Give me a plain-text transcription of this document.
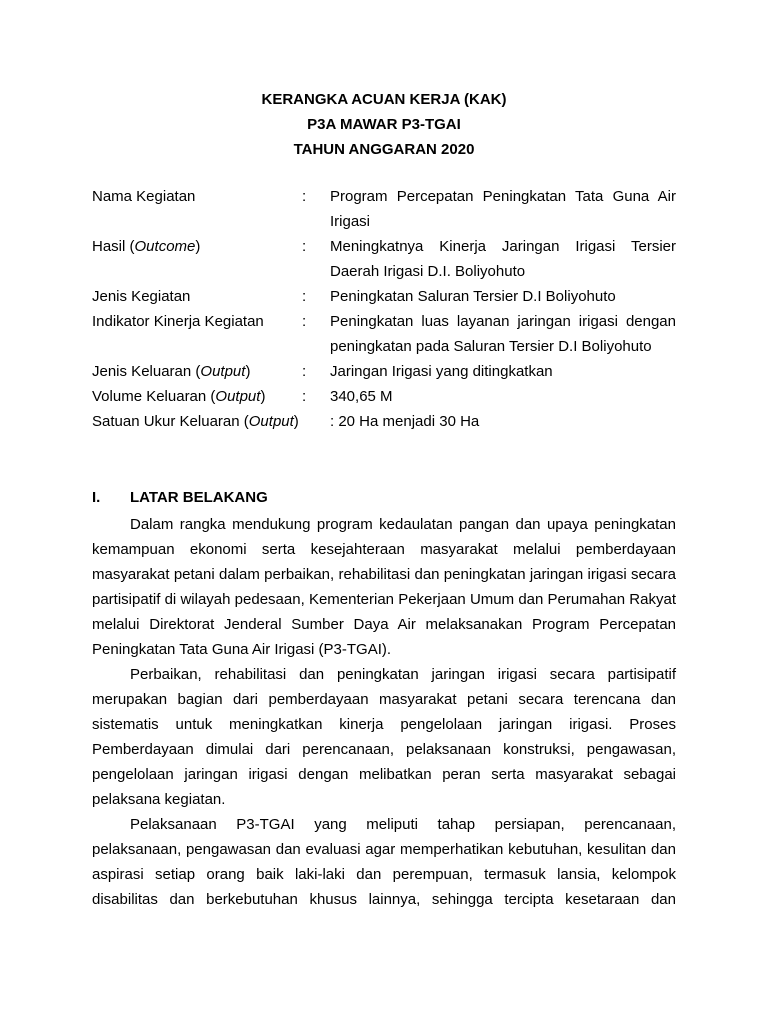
KERANGKA ACUAN KERJA (KAK)
P3A MAWAR P3-TGAI
TAHUN ANGGARAN 2020
Nama Kegiatan	:	Program Percepatan Peningkatan Tata Guna Air Irigasi
Hasil (Outcome)	:	Meningkatnya Kinerja Jaringan Irigasi Tersier Daerah Irigasi D.I. Boliyohuto
Jenis Kegiatan	:	Peningkatan Saluran Tersier D.I Boliyohuto
Indikator Kinerja Kegiatan	:	Peningkatan luas layanan jaringan irigasi dengan peningkatan pada Saluran Tersier D.I Boliyohuto
Jenis Keluaran (Output)	:	Jaringan Irigasi yang ditingkatkan
Volume Keluaran (Output)	:	340,65 M
Satuan Ukur Keluaran (Output) : 20 Ha menjadi 30 Ha
I.	LATAR BELAKANG

Dalam rangka mendukung program kedaulatan pangan dan upaya peningkatan kemampuan ekonomi serta kesejahteraan masyarakat melalui pemberdayaan masyarakat petani dalam perbaikan, rehabilitasi dan peningkatan jaringan irigasi secara partisipatif di wilayah pedesaan, Kementerian Pekerjaan Umum dan Perumahan Rakyat melalui Direktorat Jenderal Sumber Daya Air melaksanakan Program Percepatan Peningkatan Tata Guna Air Irigasi (P3-TGAI).

Perbaikan, rehabilitasi dan peningkatan jaringan irigasi secara partisipatif merupakan bagian dari pemberdayaan masyarakat petani secara terencana dan sistematis untuk meningkatkan kinerja pengelolaan jaringan irigasi. Proses Pemberdayaan dimulai dari perencanaan, pelaksanaan konstruksi, pengawasan, pengelolaan jaringan irigasi dengan melibatkan peran serta masyarakat sebagai pelaksana kegiatan.

Pelaksanaan P3-TGAI yang meliputi tahap persiapan, perencanaan, pelaksanaan, pengawasan dan evaluasi agar memperhatikan kebutuhan, kesulitan dan aspirasi setiap orang baik laki-laki dan perempuan, termasuk lansia, kelompok disabilitas dan berkebutuhan khusus lainnya, sehingga tercipta kesetaraan dan
